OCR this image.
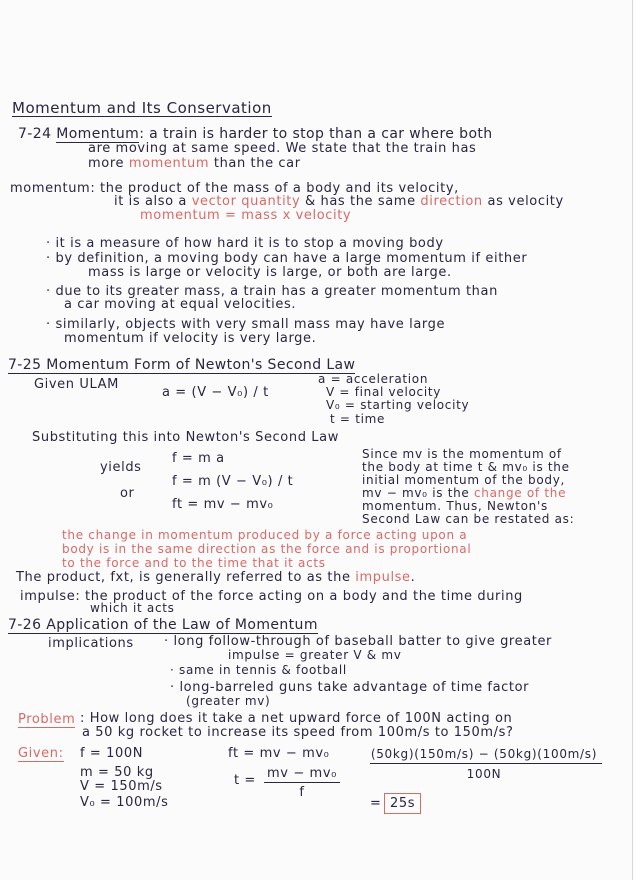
Momentum and Its Conservation
7-24 Momentum: a train is harder to stop than a car where both
are moving at same speed. We state that the train has
more momentum than the car
momentum: the product of the mass of a body and its velocity,
it is also a vector quantity & has the same direction as velocity
momentum = mass x velocity
· it is a measure of how hard it is to stop a moving body
· by definition, a moving body can have a large momentum if either
mass is large or velocity is large, or both are large.
· due to its greater mass, a train has a greater momentum than
a car moving at equal velocities.
· similarly, objects with very small mass may have large
momentum if velocity is very large.
7-25 Momentum Form of Newton's Second Law
Given ULAM
a = (V − V₀) / t
a = acceleration
V = final velocity
V₀ = starting velocity
t = time
Substituting this into Newton's Second Law
yields
or
f = m a
f = m (V − V₀) / t
ft = mv − mv₀
Since mv is the momentum of
the body at time t & mv₀ is the
initial momentum of the body,
mv − mv₀ is the change of the
momentum. Thus, Newton's
Second Law can be restated as:
the change in momentum produced by a force acting upon a
body is in the same direction as the force and is proportional
to the force and to the time that it acts
The product, fxt, is generally referred to as the impulse.
impulse: the product of the force acting on a body and the time during
which it acts
7-26 Application of the Law of Momentum
implications · long follow-through of baseball batter to give greater
impulse = greater V & mv
· same in tennis & football
· long-barreled guns take advantage of time factor
(greater mv)
Problem : How long does it take a net upward force of 100N acting on
a 50 kg rocket to increase its speed from 100m/s to 150m/s?
Given: f = 100N
m = 50 kg
V = 150m/s
V₀ = 100m/s
ft = mv − mv₀
t = mv − mv₀
f
(50kg)(150m/s) − (50kg)(100m/s)
100N
= 25s
